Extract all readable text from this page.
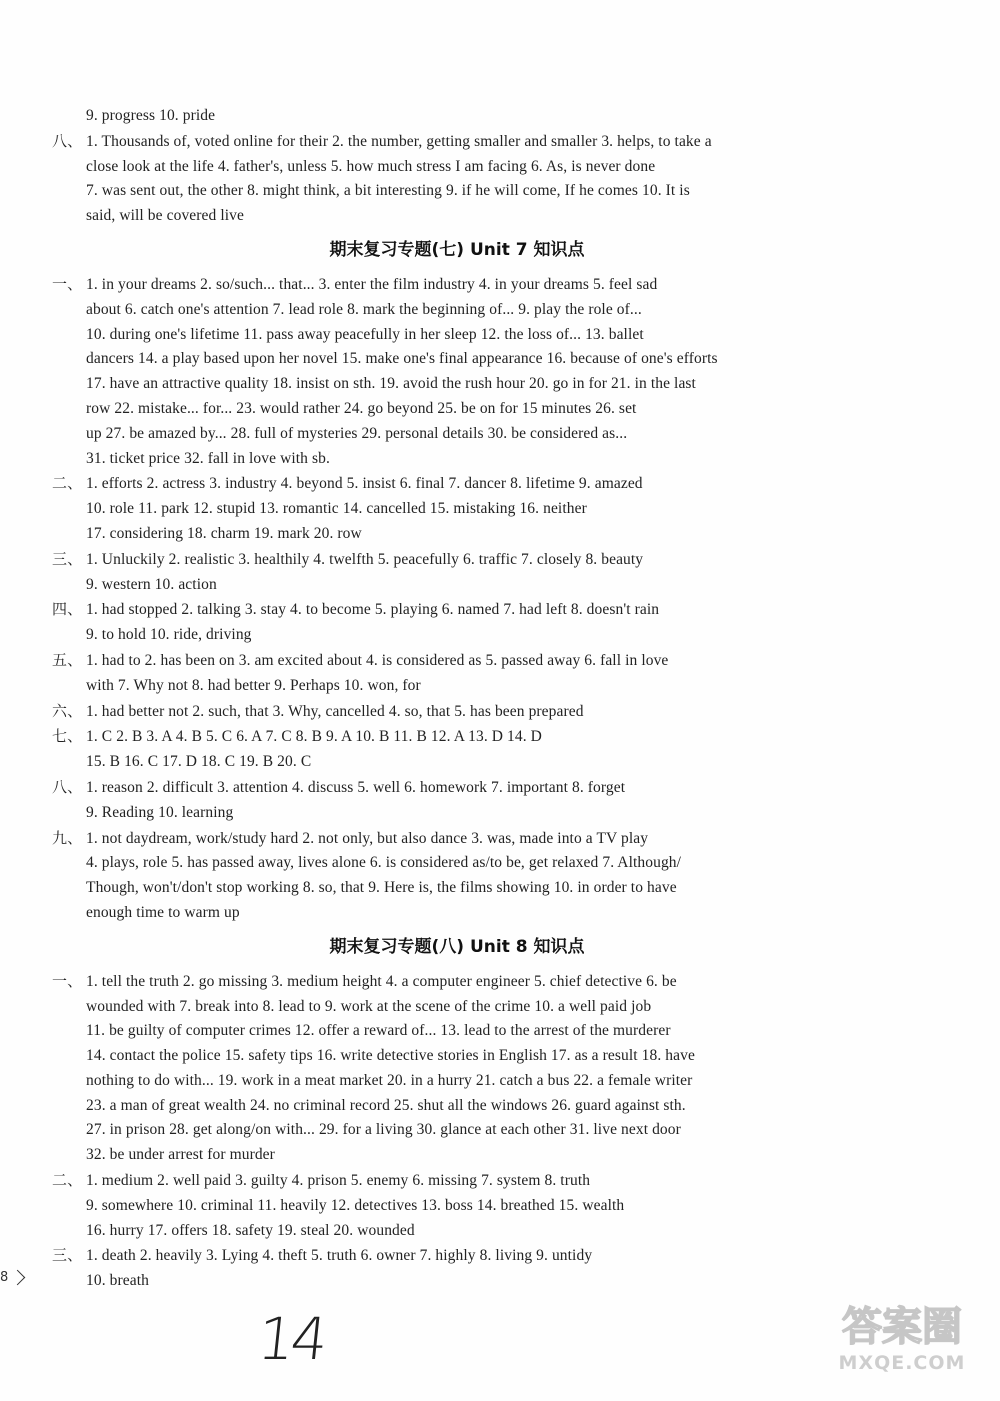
9. progress 10. pride
八、 1. Thousands of, voted online for their 2. the number, getting smaller and smaller 3. helps, to take a
close look at the life 4. father's, unless 5. how much stress I am facing 6. As, is never done
7. was sent out, the other 8. might think, a bit interesting 9. if he will come, If he comes 10. It is
said, will be covered live
期末复习专题(七) Unit 7 知识点
一、 1. in your dreams 2. so/such... that... 3. enter the film industry 4. in your dreams 5. feel sad
about 6. catch one's attention 7. lead role 8. mark the beginning of... 9. play the role of...
10. during one's lifetime 11. pass away peacefully in her sleep 12. the loss of... 13. ballet
dancers 14. a play based upon her novel 15. make one's final appearance 16. because of one's efforts
17. have an attractive quality 18. insist on sth. 19. avoid the rush hour 20. go in for 21. in the last
row 22. mistake... for... 23. would rather 24. go beyond 25. be on for 15 minutes 26. set
up 27. be amazed by... 28. full of mysteries 29. personal details 30. be considered as...
31. ticket price 32. fall in love with sb.
二、 1. efforts 2. actress 3. industry 4. beyond 5. insist 6. final 7. dancer 8. lifetime 9. amazed
10. role 11. park 12. stupid 13. romantic 14. cancelled 15. mistaking 16. neither
17. considering 18. charm 19. mark 20. row
三、 1. Unluckily 2. realistic 3. healthily 4. twelfth 5. peacefully 6. traffic 7. closely 8. beauty
9. western 10. action
四、 1. had stopped 2. talking 3. stay 4. to become 5. playing 6. named 7. had left 8. doesn't rain
9. to hold 10. ride, driving
五、 1. had to 2. has been on 3. am excited about 4. is considered as 5. passed away 6. fall in love
with 7. Why not 8. had better 9. Perhaps 10. won, for
六、 1. had better not 2. such, that 3. Why, cancelled 4. so, that 5. has been prepared
七、 1. C 2. B 3. A 4. B 5. C 6. A 7. C 8. B 9. A 10. B 11. B 12. A 13. D 14. D
15. B 16. C 17. D 18. C 19. B 20. C
八、 1. reason 2. difficult 3. attention 4. discuss 5. well 6. homework 7. important 8. forget
9. Reading 10. learning
九、 1. not daydream, work/study hard 2. not only, but also dance 3. was, made into a TV play
4. plays, role 5. has passed away, lives alone 6. is considered as/to be, get relaxed 7. Although/
Though, won't/don't stop working 8. so, that 9. Here is, the films showing 10. in order to have
enough time to warm up
期末复习专题(八) Unit 8 知识点
一、 1. tell the truth 2. go missing 3. medium height 4. a computer engineer 5. chief detective 6. be
wounded with 7. break into 8. lead to 9. work at the scene of the crime 10. a well paid job
11. be guilty of computer crimes 12. offer a reward of... 13. lead to the arrest of the murderer
14. contact the police 15. safety tips 16. write detective stories in English 17. as a result 18. have
nothing to do with... 19. work in a meat market 20. in a hurry 21. catch a bus 22. a female writer
23. a man of great wealth 24. no criminal record 25. shut all the windows 26. guard against sth.
27. in prison 28. get along/on with... 29. for a living 30. glance at each other 31. live next door
32. be under arrest for murder
二、 1. medium 2. well paid 3. guilty 4. prison 5. enemy 6. missing 7. system 8. truth
9. somewhere 10. criminal 11. heavily 12. detectives 13. boss 14. breathed 15. wealth
16. hurry 17. offers 18. safety 19. steal 20. wounded
三、 1. death 2. heavily 3. Lying 4. theft 5. truth 6. owner 7. highly 8. living 9. untidy
10. breath
8
14	答案圈
MXQE.COM
